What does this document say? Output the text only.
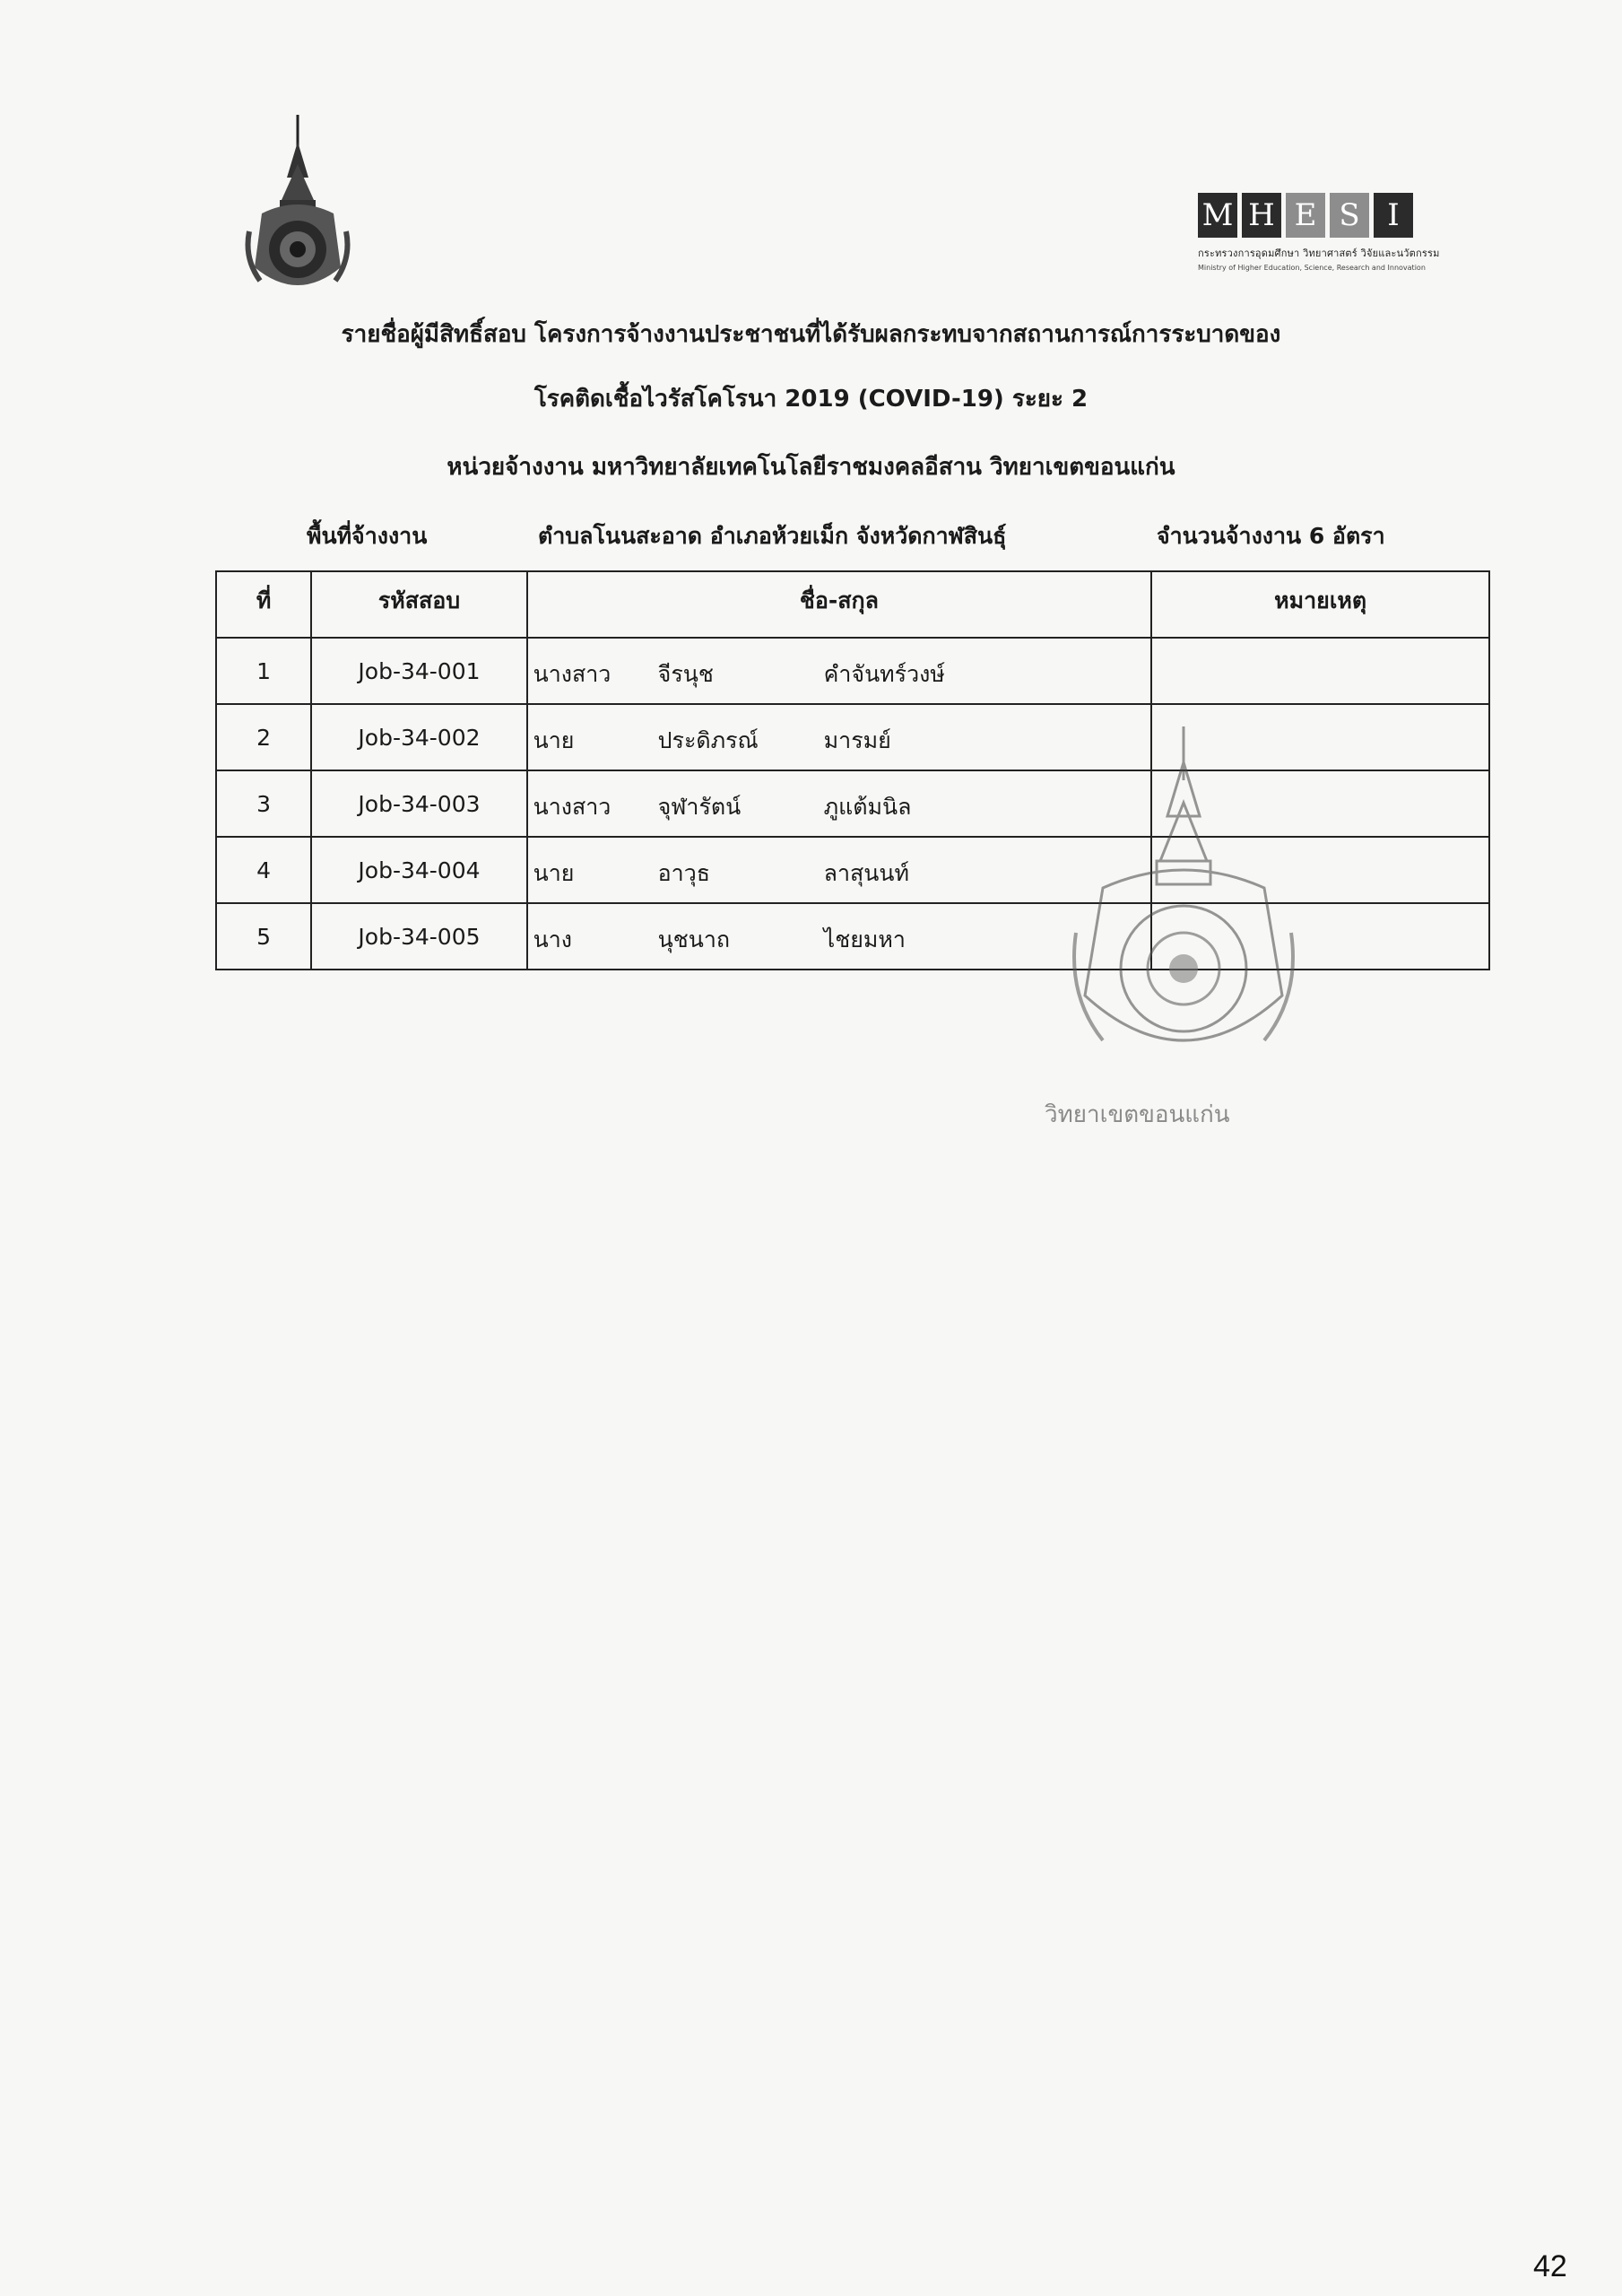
M H E S I
กระทรวงการอุดมศึกษา วิทยาศาสตร์ วิจัยและนวัตกรรม
Ministry of Higher Education, Science, Research and Innovation
รายชื่อผู้มีสิทธิ์สอบ โครงการจ้างงานประชาชนที่ได้รับผลกระทบจากสถานการณ์การระบาดของ
โรคติดเชื้อไวรัสโคโรนา 2019 (COVID-19) ระยะ 2
หน่วยจ้างงาน มหาวิทยาลัยเทคโนโลยีราชมงคลอีสาน วิทยาเขตขอนแก่น
พื้นที่จ้างงาน	ตำบลโนนสะอาด อำเภอห้วยเม็ก จังหวัดกาฬสินธุ์	จำนวนจ้างงาน 6 อัตรา
ที่	รหัสสอบ	ชื่อ-สกุล	หมายเหตุ
1	Job-34-001	นางสาว จีรนุช คำจันทร์วงษ์	

2	Job-34-002	นาย ประดิภรณ์ มารมย์	

3	Job-34-003	นางสาว จุฬารัตน์ ภูแต้มนิล	

4	Job-34-004	นาย อาวุธ ลาสุนนท์	

5	Job-34-005	นาง นุชนาถ ไชยมหา	

วิทยาเขตขอนแก่น
42
